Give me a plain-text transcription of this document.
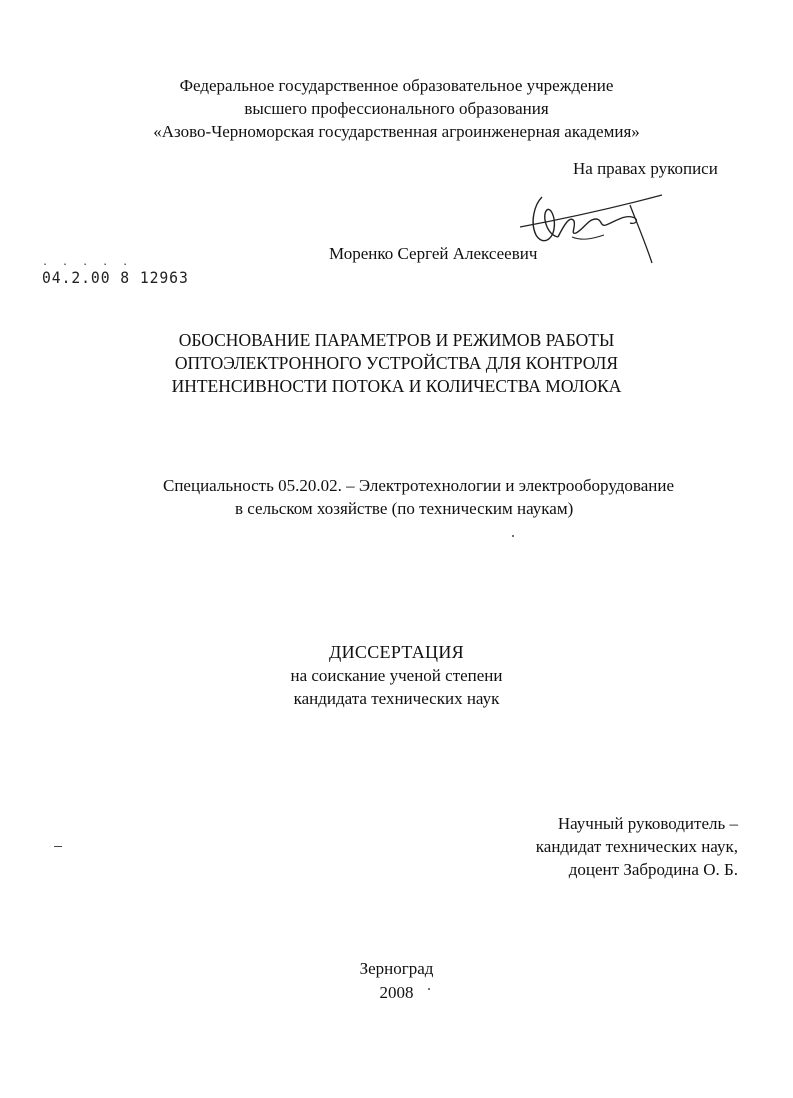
Федеральное государственное образовательное учреждение
высшего профессионального образования
«Азово-Черноморская государственная агроинженерная академия»
На правах рукописи
Моренко Сергей Алексеевич
. . . . .
04.2.00 8 12963
ОБОСНОВАНИЕ ПАРАМЕТРОВ И РЕЖИМОВ РАБОТЫ
ОПТОЭЛЕКТРОННОГО УСТРОЙСТВА ДЛЯ КОНТРОЛЯ
ИНТЕНСИВНОСТИ ПОТОКА И КОЛИЧЕСТВА МОЛОКА
Специальность 05.20.02. – Электротехнологии и электрооборудование
в сельском хозяйстве (по техническим наукам)
ДИССЕРТАЦИЯ
на соискание ученой степени
кандидата технических наук
Научный руководитель –
кандидат технических наук,
доцент Забродина О. Б.
Зерноград
2008
